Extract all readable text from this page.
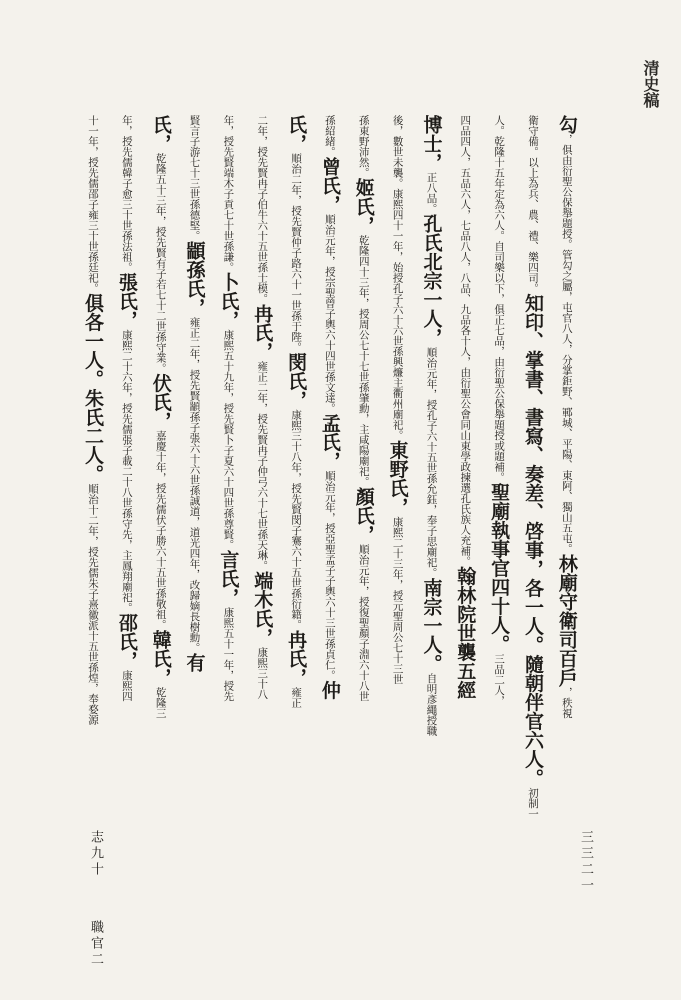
清史稿
勾，俱由衍聖公保舉題授。管勾之屬，屯官八人，分掌鉅野、鄆城、平陽、東阿、獨山五屯。林廟守衛司百戶，秩視
衛守備。以上為兵、農、禮、樂四司。知印、掌書、書寫、奏差、啓事，各一人。隨朝伴官六人。初制一
人。乾隆十五年定為六人。自司樂以下，俱正七品，由衍聖公保舉題授或題補。聖廟執事官四十人。三品二人，
四品四人，五品六人，七品八人，八品、九品各十人，由衍聖公會同山東學政揀選孔氏族人充補。翰林院世襲五經
博士，正八品。孔氏北宗一人，順治元年，授孔子六十五世孫允鈺，奉子思廟祀。南宗一人。自明彥繩授職
後，數世未襲。康熙四十一年，始授孔子六十六世孫興燫主衢州廟祀。東野氏，康熙二十三年，授元聖周公七十三世
孫東野沛然。姬氏，乾隆四十三年，授周公七十七世孫肇勳，主咸陽廟祀。顏氏，順治元年，授復聖顏子淵六十八世
孫紹緒。曾氏，順治元年，授宗聖曾子輿六十四世孫文達。孟氏，順治元年，授亞聖孟子子輿六十三世孫貞仁。仲
氏，順治二年，授先賢仲子路六十一世孫于陛。閔氏，康熙三十八年，授先賢閔子騫六十五世孫衍籍。冉氏，雍正
二年，授先賢冉子伯牛六十五世孫士模。冉氏，雍正二年，授先賢冉子仲弓六十七世孫天琳。端木氏，康熙三十八
年，授先賢端木子貢七十世孫謙。卜氏，康熙五十九年，授先賢卜子夏六十四世孫尊賢。言氏，康熙五十一年，授先
賢言子游七十三世孫德堅。顓孫氏，雍正二年，授先賢顓孫子張六十六世孫誠道，道光四年，改歸嫡長樹勳。有
氏，乾隆五十三年，授先賢有子若七十二世孫守業。伏氏，嘉慶十年，授先儒伏子勝六十五世孫敬祖。韓氏，乾隆三
年，授先儒韓子愈三十世孫法祖。張氏，康熙二十六年，授先儒張子載二十八世孫守先，主鳳翔廟祀。邵氏，康熙四
十一年，授先儒邵子雍三十世孫廷祀。俱各一人。朱氏二人。順治十二年，授先儒朱子熹徽派十五世孫煌，奉婺源
志九十 職官二
三三二一
